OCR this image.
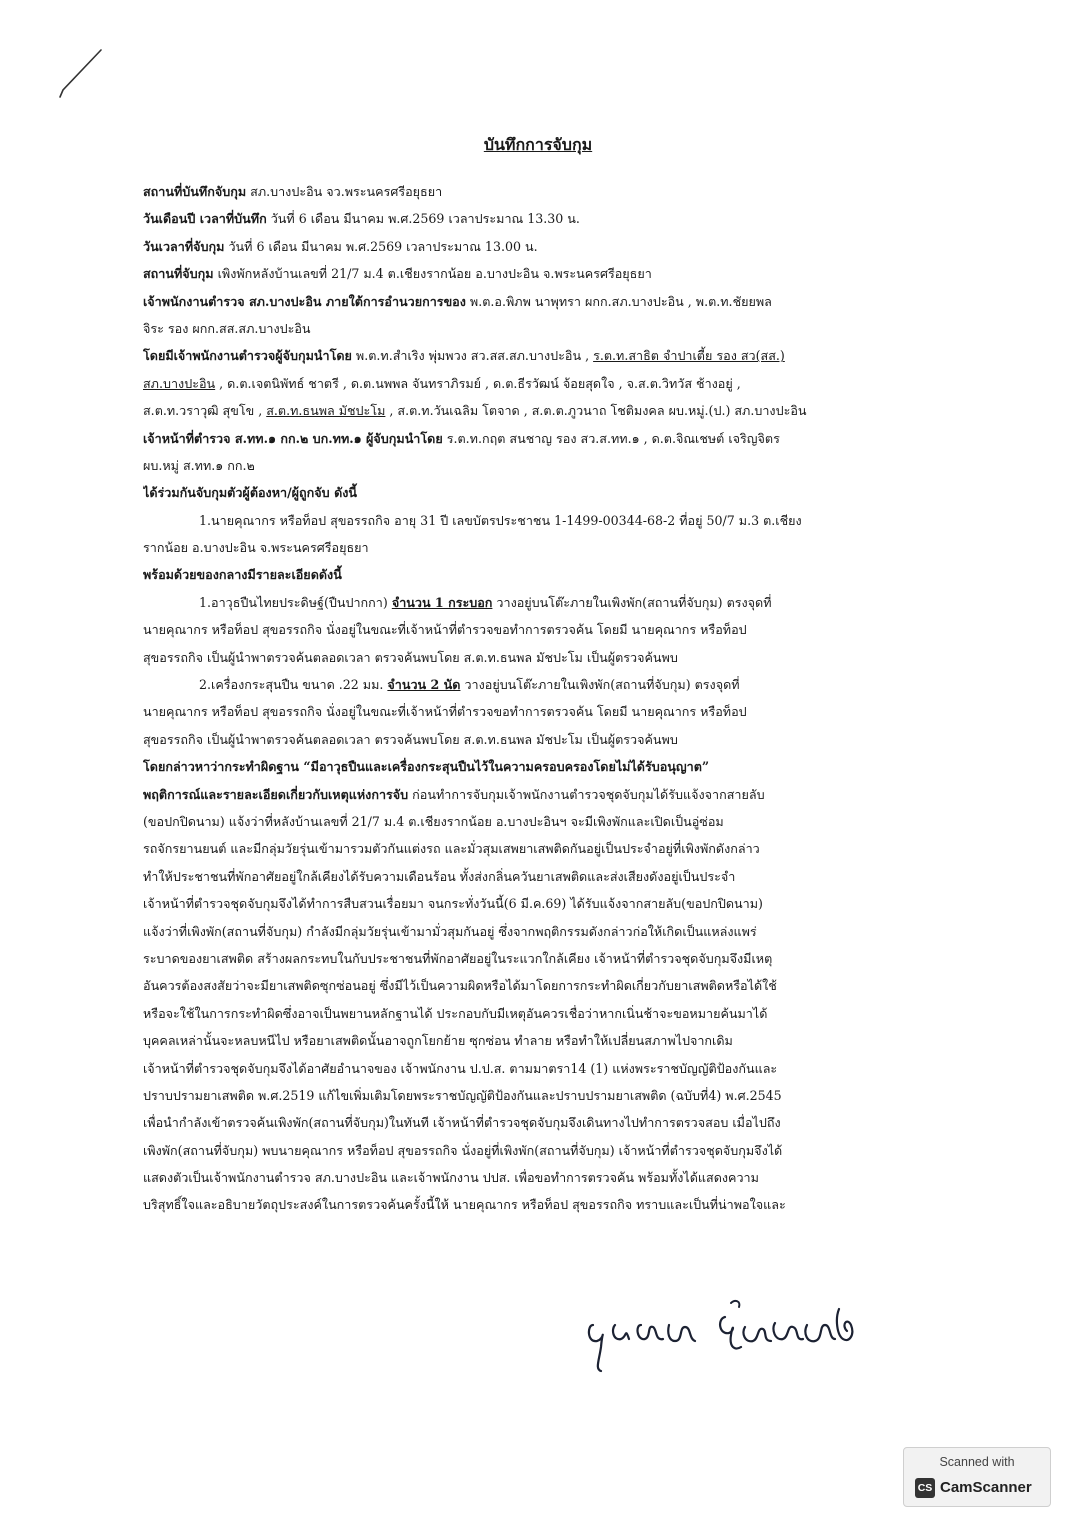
บันทึกการจับกุม
สถานที่บันทึกจับกุม สภ.บางปะอิน จว.พระนครศรีอยุธยา
วันเดือนปี เวลาที่บันทึก วันที่ 6 เดือน มีนาคม พ.ศ.2569 เวลาประมาณ 13.30 น.
วันเวลาที่จับกุม วันที่ 6 เดือน มีนาคม พ.ศ.2569 เวลาประมาณ 13.00 น.
สถานที่จับกุม เพิงพักหลังบ้านเลขที่ 21/7 ม.4 ต.เชียงรากน้อย อ.บางปะอิน จ.พระนครศรีอยุธยา
เจ้าพนักงานตำรวจ สภ.บางปะอิน ภายใต้การอำนวยการของ พ.ต.อ.พิภพ นาพุทรา ผกก.สภ.บางปะอิน , พ.ต.ท.ชัยยพล
จิระ รอง ผกก.สส.สภ.บางปะอิน
โดยมีเจ้าพนักงานตำรวจผู้จับกุมนำโดย พ.ต.ท.สำเริง พุ่มพวง สว.สส.สภ.บางปะอิน , ร.ต.ท.สาธิต จำปาเตี้ย รอง สว(สส.)
สภ.บางปะอิน , ด.ต.เจตนิพัทธ์ ชาตรี , ด.ต.นพพล จันทราภิรมย์ , ด.ต.ธีรวัฒน์ จ้อยสุดใจ , จ.ส.ต.วิทวัส ช้างอยู่ ,
ส.ต.ท.วราวุฒิ สุขโข , ส.ต.ท.ธนพล มัชปะโม , ส.ต.ท.วันเฉลิม โตจาด , ส.ต.ต.ภูวนาถ โชติมงคล ผบ.หมู่.(ป.) สภ.บางปะอิน
เจ้าหน้าที่ตำรวจ ส.ทท.๑ กก.๒ บก.ทท.๑ ผู้จับกุมนำโดย ร.ต.ท.กฤต สนชาญ รอง สว.ส.ทท.๑ , ด.ต.จิณเชษต์ เจริญจิตร
ผบ.หมู่ ส.ทท.๑ กก.๒
ได้ร่วมกันจับกุมตัวผู้ต้องหา/ผู้ถูกจับ ดังนี้
1.นายคุณากร หรือท็อป สุขอรรถกิจ อายุ 31 ปี เลขบัตรประชาชน 1-1499-00344-68-2 ที่อยู่ 50/7 ม.3 ต.เชียง
รากน้อย อ.บางปะอิน จ.พระนครศรีอยุธยา
พร้อมด้วยของกลางมีรายละเอียดดังนี้
1.อาวุธปืนไทยประดิษฐ์(ปืนปากกา) จำนวน 1 กระบอก วางอยู่บนโต๊ะภายในเพิงพัก(สถานที่จับกุม) ตรงจุดที่
นายคุณากร หรือท็อป สุขอรรถกิจ นั่งอยู่ในขณะที่เจ้าหน้าที่ตำรวจขอทำการตรวจค้น โดยมี นายคุณากร หรือท็อป
สุขอรรถกิจ เป็นผู้นำพาตรวจค้นตลอดเวลา ตรวจค้นพบโดย ส.ต.ท.ธนพล มัชปะโม เป็นผู้ตรวจค้นพบ
2.เครื่องกระสุนปืน ขนาด .22 มม. จำนวน 2 นัด วางอยู่บนโต๊ะภายในเพิงพัก(สถานที่จับกุม) ตรงจุดที่
นายคุณากร หรือท็อป สุขอรรถกิจ นั่งอยู่ในขณะที่เจ้าหน้าที่ตำรวจขอทำการตรวจค้น โดยมี นายคุณากร หรือท็อป
สุขอรรถกิจ เป็นผู้นำพาตรวจค้นตลอดเวลา ตรวจค้นพบโดย ส.ต.ท.ธนพล มัชปะโม เป็นผู้ตรวจค้นพบ
โดยกล่าวหาว่ากระทำผิดฐาน “มีอาวุธปืนและเครื่องกระสุนปืนไว้ในความครอบครองโดยไม่ได้รับอนุญาต”
พฤติการณ์และรายละเอียดเกี่ยวกับเหตุแห่งการจับ ก่อนทำการจับกุมเจ้าพนักงานตำรวจชุดจับกุมได้รับแจ้งจากสายลับ
(ขอปกปิดนาม) แจ้งว่าที่หลังบ้านเลขที่ 21/7 ม.4 ต.เชียงรากน้อย อ.บางปะอินฯ จะมีเพิงพักและเปิดเป็นอู่ซ่อม
รถจักรยานยนต์ และมีกลุ่มวัยรุ่นเข้ามารวมตัวกันแต่งรถ และมั่วสุมเสพยาเสพติดกันอยู่เป็นประจำอยู่ที่เพิงพักดังกล่าว
ทำให้ประชาชนที่พักอาศัยอยู่ใกล้เคียงได้รับความเดือนร้อน ทั้งส่งกลิ่นควันยาเสพติดและส่งเสียงดังอยู่เป็นประจำ
เจ้าหน้าที่ตำรวจชุดจับกุมจึงได้ทำการสืบสวนเรื่อยมา จนกระทั่งวันนี้(6 มี.ค.69) ได้รับแจ้งจากสายลับ(ขอปกปิดนาม)
แจ้งว่าที่เพิงพัก(สถานที่จับกุม) กำลังมีกลุ่มวัยรุ่นเข้ามามั่วสุมกันอยู่ ซึ่งจากพฤติกรรมดังกล่าวก่อให้เกิดเป็นแหล่งแพร่
ระบาดของยาเสพติด สร้างผลกระทบในกับประชาชนที่พักอาศัยอยู่ในระแวกใกล้เคียง เจ้าหน้าที่ตำรวจชุดจับกุมจึงมีเหตุ
อันควรต้องสงสัยว่าจะมียาเสพติดซุกซ่อนอยู่ ซึ่งมีไว้เป็นความผิดหรือได้มาโดยการกระทำผิดเกี่ยวกับยาเสพติดหรือได้ใช้
หรือจะใช้ในการกระทำผิดซึ่งอาจเป็นพยานหลักฐานได้ ประกอบกับมีเหตุอันควรเชื่อว่าหากเนิ่นช้าจะขอหมายค้นมาได้
บุคคลเหล่านั้นจะหลบหนีไป หรือยาเสพติดนั้นอาจถูกโยกย้าย ซุกซ่อน ทำลาย หรือทำให้เปลี่ยนสภาพไปจากเดิม
เจ้าหน้าที่ตำรวจชุดจับกุมจึงได้อาศัยอำนาจของ เจ้าพนักงาน ป.ป.ส. ตามมาตรา14 (1) แห่งพระราชบัญญัติป้องกันและ
ปราบปรามยาเสพติด พ.ศ.2519 แก้ไขเพิ่มเติมโดยพระราชบัญญัติป้องกันและปราบปรามยาเสพติด (ฉบับที่4) พ.ศ.2545
เพื่อนำกำลังเข้าตรวจค้นเพิงพัก(สถานที่จับกุม)ในทันที เจ้าหน้าที่ตำรวจชุดจับกุมจึงเดินทางไปทำการตรวจสอบ เมื่อไปถึง
เพิงพัก(สถานที่จับกุม) พบนายคุณากร หรือท็อป สุขอรรถกิจ นั่งอยู่ที่เพิงพัก(สถานที่จับกุม) เจ้าหน้าที่ตำรวจชุดจับกุมจึงได้
แสดงตัวเป็นเจ้าพนักงานตำรวจ สภ.บางปะอิน และเจ้าพนักงาน ปปส. เพื่อขอทำการตรวจค้น พร้อมทั้งได้แสดงความ
บริสุทธิ์ใจและอธิบายวัตถุประสงค์ในการตรวจค้นครั้งนี้ให้ นายคุณากร หรือท็อป สุขอรรถกิจ ทราบและเป็นที่น่าพอใจและ
Scanned with
CS CamScanner
